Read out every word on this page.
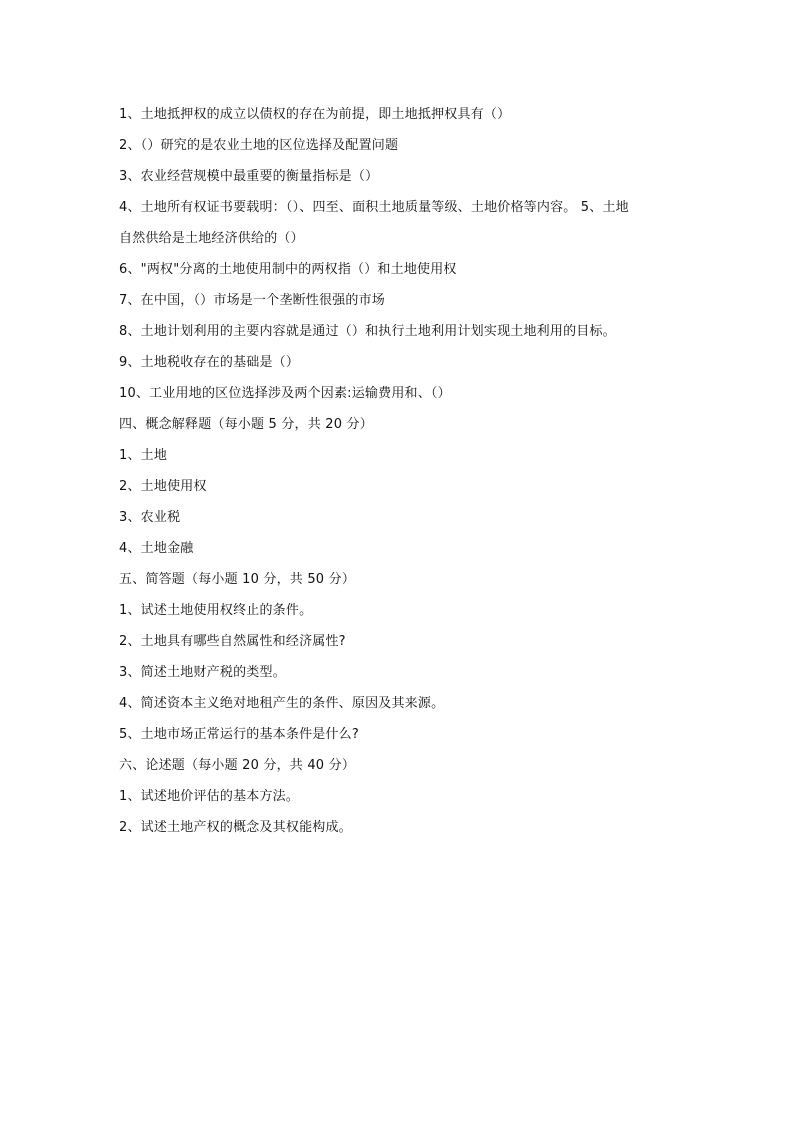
1、土地抵押权的成立以债权的存在为前提，即土地抵押权具有（）
2、（）研究的是农业土地的区位选择及配置问题
3、农业经营规模中最重要的衡量指标是（）
4、土地所有权证书要载明：（）、四至、面积土地质量等级、土地价格等内容。 5、土地
自然供给是土地经济供给的（）
6、"两权"分离的土地使用制中的两权指（）和土地使用权
7、在中国，（）市场是一个垄断性很强的市场
8、土地计划利用的主要内容就是通过（）和执行土地利用计划实现土地利用的目标。
9、土地税收存在的基础是（）
10、工业用地的区位选择涉及两个因素:运输费用和、（）
四、概念解释题（每小题 5 分，共 20 分）
1、土地
2、土地使用权
3、农业税
4、土地金融
五、简答题（每小题 10 分，共 50 分）
1、试述土地使用权终止的条件。
2、土地具有哪些自然属性和经济属性?
3、简述土地财产税的类型。
4、简述资本主义绝对地租产生的条件、原因及其来源。
5、土地市场正常运行的基本条件是什么?
六、论述题（每小题 20 分，共 40 分）
1、试述地价评估的基本方法。
2、试述土地产权的概念及其权能构成。
